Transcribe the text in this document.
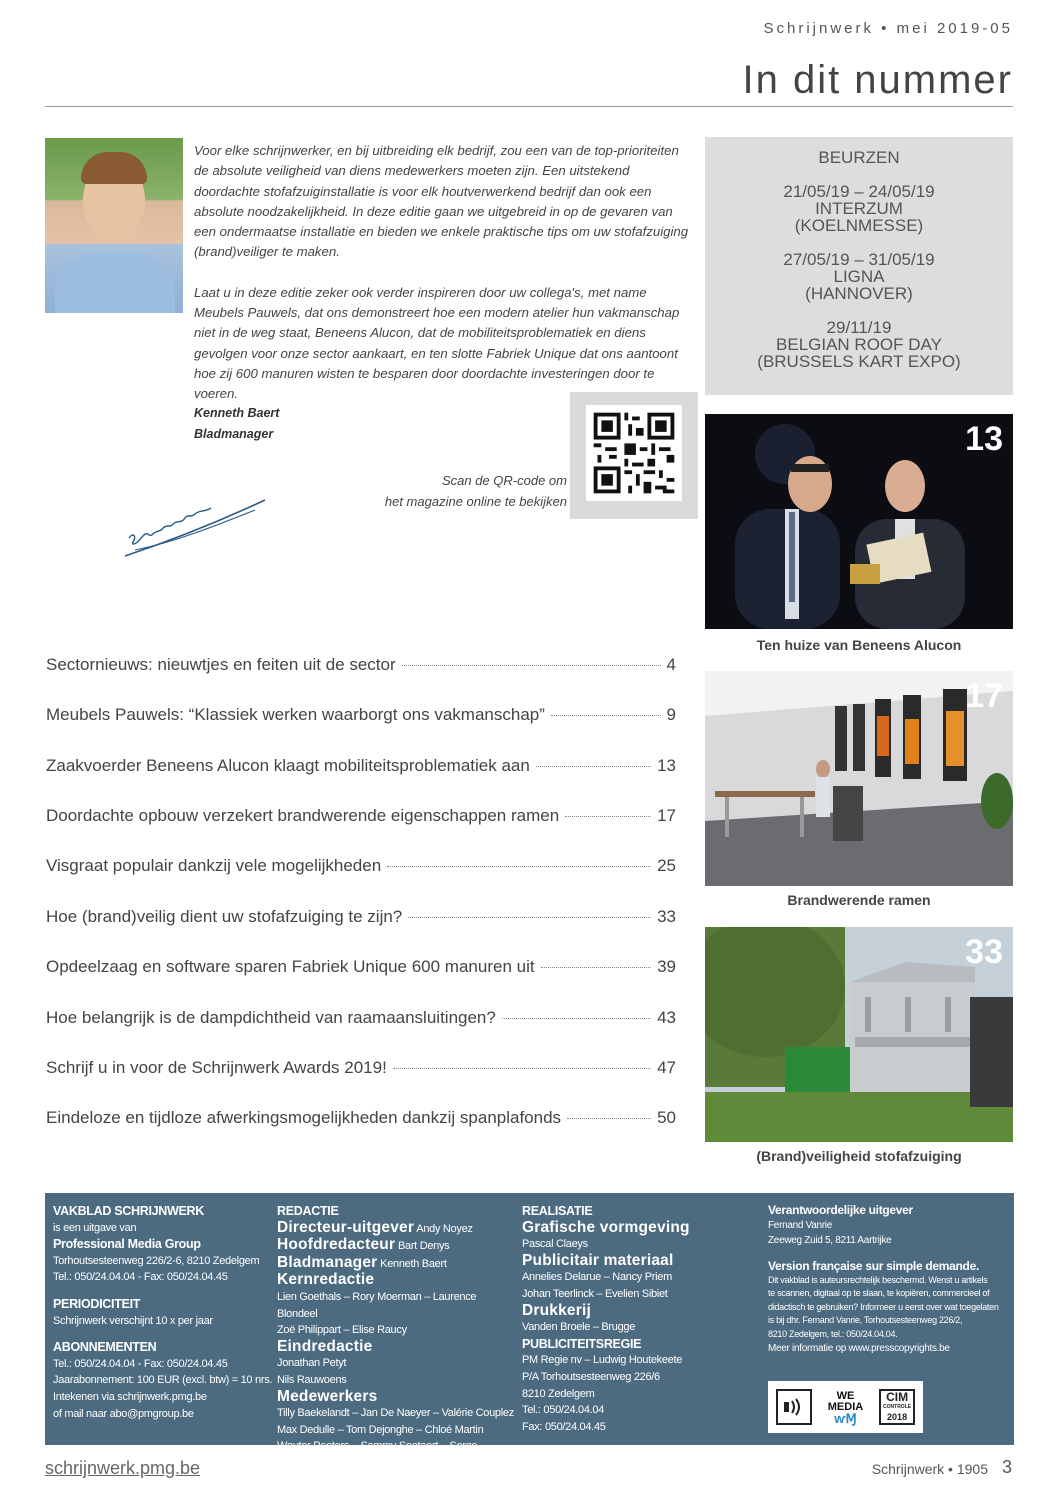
Schrijnwerk • mei 2019-05
In dit nummer

Voor elke schrijnwerker, en bij uitbreiding elk bedrijf, zou een van de top-prioriteiten de absolute veiligheid van diens medewerkers moeten zijn. Een uitstekend doordachte stofafzuiginstallatie is voor elk houtverwerkend bedrijf dan ook een absolute noodzakelijkheid. In deze editie gaan we uitgebreid in op de gevaren van een ondermaatse installatie en bieden we enkele praktische tips om uw stofafzuiging (brand)veiliger te maken.

Laat u in deze editie zeker ook verder inspireren door uw collega's, met name Meubels Pauwels, dat ons demonstreert hoe een modern atelier hun vakmanschap niet in de weg staat, Beneens Alucon, dat de mobiliteitsproblematiek en diens gevolgen voor onze sector aankaart, en ten slotte Fabriek Unique dat ons aantoont hoe zij 600 manuren wisten te besparen door doordachte investeringen door te voeren.

Kenneth Baert
Bladmanager
Scan de QR-code om
het magazine online te bekijken
BEURZEN
21/05/19 – 24/05/19
INTERZUM
(KOELNMESSE)
27/05/19 – 31/05/19
LIGNA
(HANNOVER)
29/11/19
BELGIAN ROOF DAY
(BRUSSELS KART EXPO)
13
Ten huize van Beneens Alucon
17
Brandwerende ramen
33
(Brand)veiligheid stofafzuiging
Sectornieuws: nieuwtjes en feiten uit de sector	4
Meubels Pauwels: “Klassiek werken waarborgt ons vakmanschap”	9
Zaakvoerder Beneens Alucon klaagt mobiliteitsproblematiek aan	13
Doordachte opbouw verzekert brandwerende eigenschappen ramen	17
Visgraat populair dankzij vele mogelijkheden	25
Hoe (brand)veilig dient uw stofafzuiging te zijn?	33
Opdeelzaag en software sparen Fabriek Unique 600 manuren uit	39
Hoe belangrijk is de dampdichtheid van raamaansluitingen?	43
Schrijf u in voor de Schrijnwerk Awards 2019!	47
Eindeloze en tijdloze afwerkingsmogelijkheden dankzij spanplafonds	50
VAKBLAD SCHRIJNWERK
is een uitgave van
Professional Media Group
Torhoutsesteenweg 226/2-6, 8210 Zedelgem
Tel.: 050/24.04.04 - Fax: 050/24.04.45
PERIODICITEIT
Schrijnwerk verschijnt 10 x per jaar
ABONNEMENTEN
Tel.: 050/24.04.04 - Fax: 050/24.04.45
Jaarabonnement: 100 EUR (excl. btw) = 10 nrs.
Intekenen via schrijnwerk.pmg.be
of mail naar abo@pmgroup.be
REDACTIE
Directeur-uitgever Andy Noyez
Hoofdredacteur Bart Denys
Bladmanager Kenneth Baert
Kernredactie
Lien Goethals – Rory Moerman – Laurence Blondeel
Zoë Philippart – Elise Raucy
Eindredactie
Jonathan Petyt
Nils Rauwoens
Medewerkers
Tilly Baekelandt – Jan De Naeyer – Valérie Couplez
Max Dedulle – Tom Dejonghe – Chloé Martin
Wouter Peeters – Sammy Soetaert – Serge Vandenplas
REALISATIE
Grafische vormgeving
Pascal Claeys
Publicitair materiaal
Annelies Delarue – Nancy Priem
Johan Teerlinck – Evelien Sibiet
Drukkerij
Vanden Broele – Brugge
PUBLICITEITSREGIE
PM Regie nv – Ludwig Houtekeete
P/A Torhoutsesteenweg 226/6
8210 Zedelgem
Tel.: 050/24.04.04
Fax: 050/24.04.45
Verantwoordelijke uitgever
Fernand Vanrie
Zeeweg Zuid 5, 8211 Aartrijke
Version française sur simple demande.
Dit vakblad is auteursrechtelijk beschermd. Wenst u artikels
te scannen, digitaal op te slaan, te kopiëren, commercieel of
didactisch te gebruiken? Informeer u eerst over wat toegelaten
is bij dhr. Fernand Vanrie, Torhoutsesteenweg 226/2,
8210 Zedelgem, tel.: 050/24.04.04.
Meer informatie op www.presscopyrights.be
WE
MEDIA
ⱳⱮ
CIM
CONTROLE
2018
schrijnwerk.pmg.be	Schrijnwerk • 1905 3
